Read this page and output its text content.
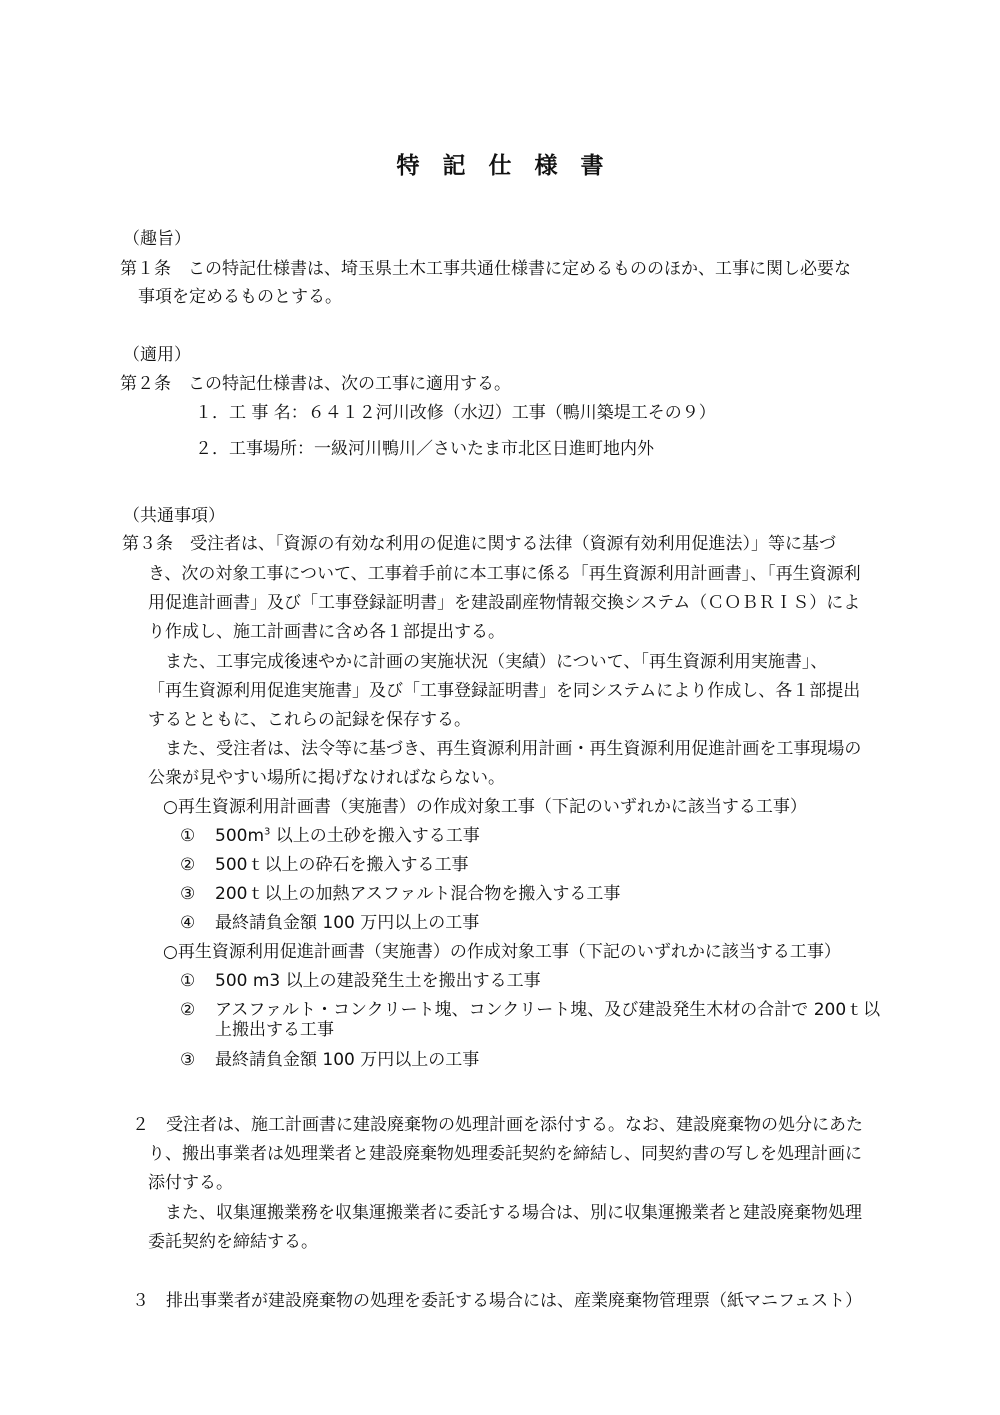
特　記　仕　様　書
（趣旨）
第１条　この特記仕様書は、埼玉県土木工事共通仕様書に定めるもののほか、工事に関し必要な
事項を定めるものとする。
（適用）
第２条　この特記仕様書は、次の工事に適用する。
１．工 事 名：６４１２河川改修（水辺）工事（鴨川築堤工その９）
２．工事場所：一級河川鴨川／さいたま市北区日進町地内外
（共通事項）
第３条　受注者は、「資源の有効な利用の促進に関する法律（資源有効利用促進法）」等に基づ
き、次の対象工事について、工事着手前に本工事に係る「再生資源利用計画書」、「再生資源利
用促進計画書」及び「工事登録証明書」を建設副産物情報交換システム（ＣＯＢＲＩＳ）によ
り作成し、施工計画書に含め各１部提出する。
　また、工事完成後速やかに計画の実施状況（実績）について、「再生資源利用実施書」、
「再生資源利用促進実施書」及び「工事登録証明書」を同システムにより作成し、各１部提出
するとともに、これらの記録を保存する。
　また、受注者は、法令等に基づき、再生資源利用計画・再生資源利用促進計画を工事現場の
公衆が見やすい場所に掲げなければならない。
○再生資源利用計画書（実施書）の作成対象工事（下記のいずれかに該当する工事）
① $500m^3$ 以上の土砂を搬入する工事
② 500ｔ以上の砕石を搬入する工事
③ 200ｔ以上の加熱アスファルト混合物を搬入する工事
④ 最終請負金額 100 万円以上の工事
○再生資源利用促進計画書（実施書）の作成対象工事（下記のいずれかに該当する工事）
① 500 m3 以上の建設発生土を搬出する工事
② アスファルト・コンクリート塊、コンクリート塊、及び建設発生木材の合計で 200ｔ以
上搬出する工事
③ 最終請負金額 100 万円以上の工事
２　受注者は、施工計画書に建設廃棄物の処理計画を添付する。なお、建設廃棄物の処分にあた
り、搬出事業者は処理業者と建設廃棄物処理委託契約を締結し、同契約書の写しを処理計画に
添付する。
　また、収集運搬業務を収集運搬業者に委託する場合は、別に収集運搬業者と建設廃棄物処理
委託契約を締結する。
３　排出事業者が建設廃棄物の処理を委託する場合には、産業廃棄物管理票（紙マニフェスト）
